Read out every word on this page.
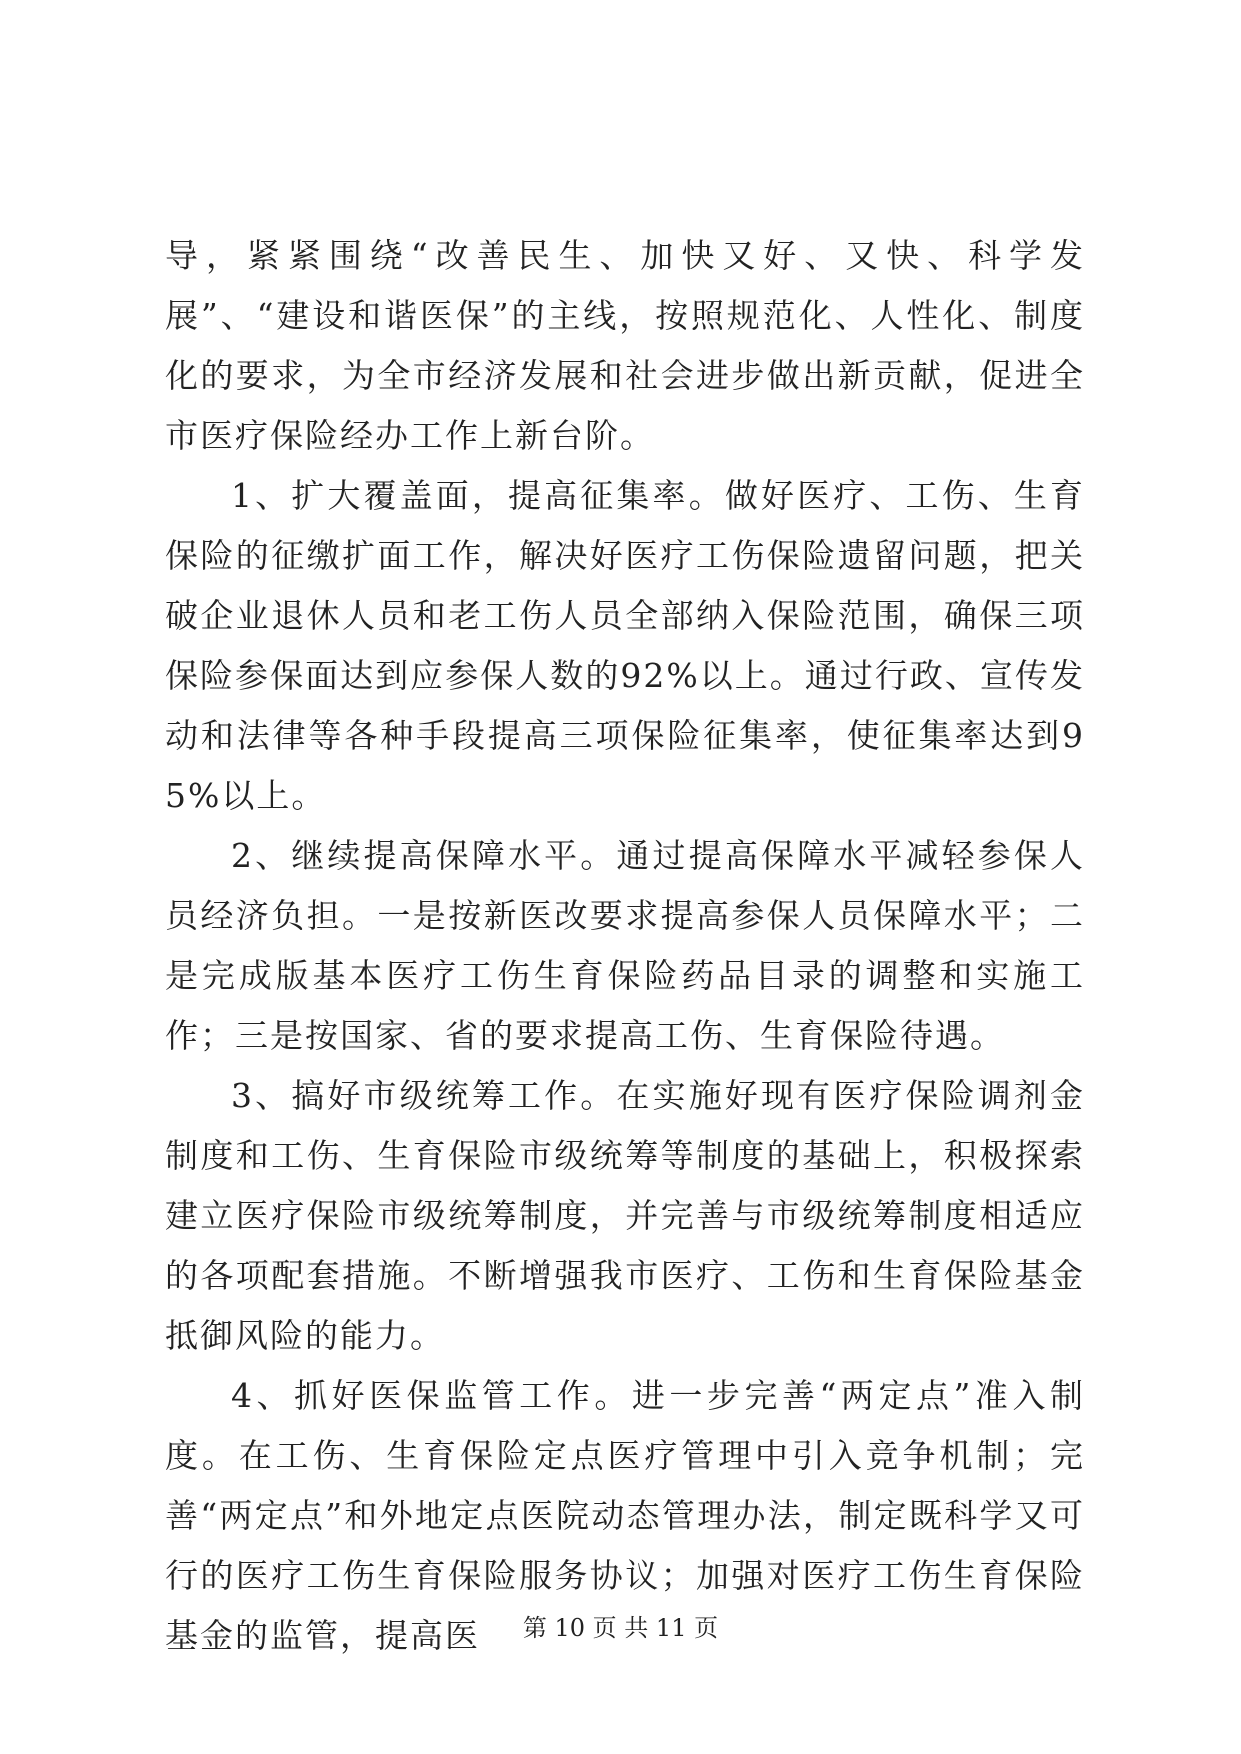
导，紧紧围绕“改善民生、加快又好、又快、科学发展”、“建设和谐医保”的主线，按照规范化、人性化、制度化的要求，为全市经济发展和社会进步做出新贡献，促进全市医疗保险经办工作上新台阶。

1、扩大覆盖面，提高征集率。做好医疗、工伤、生育保险的征缴扩面工作，解决好医疗工伤保险遗留问题，把关破企业退休人员和老工伤人员全部纳入保险范围，确保三项保险参保面达到应参保人数的92%以上。通过行政、宣传发动和法律等各种手段提高三项保险征集率，使征集率达到95%以上。

2、继续提高保障水平。通过提高保障水平减轻参保人员经济负担。一是按新医改要求提高参保人员保障水平；二是完成版基本医疗工伤生育保险药品目录的调整和实施工作；三是按国家、省的要求提高工伤、生育保险待遇。

3、搞好市级统筹工作。在实施好现有医疗保险调剂金制度和工伤、生育保险市级统筹等制度的基础上，积极探索建立医疗保险市级统筹制度，并完善与市级统筹制度相适应的各项配套措施。不断增强我市医疗、工伤和生育保险基金抵御风险的能力。

4、抓好医保监管工作。进一步完善“两定点”准入制度。在工伤、生育保险定点医疗管理中引入竞争机制；完善“两定点”和外地定点医院动态管理办法，制定既科学又可行的医疗工伤生育保险服务协议；加强对医疗工伤生育保险基金的监管，提高医	第 10 页 共 11 页
